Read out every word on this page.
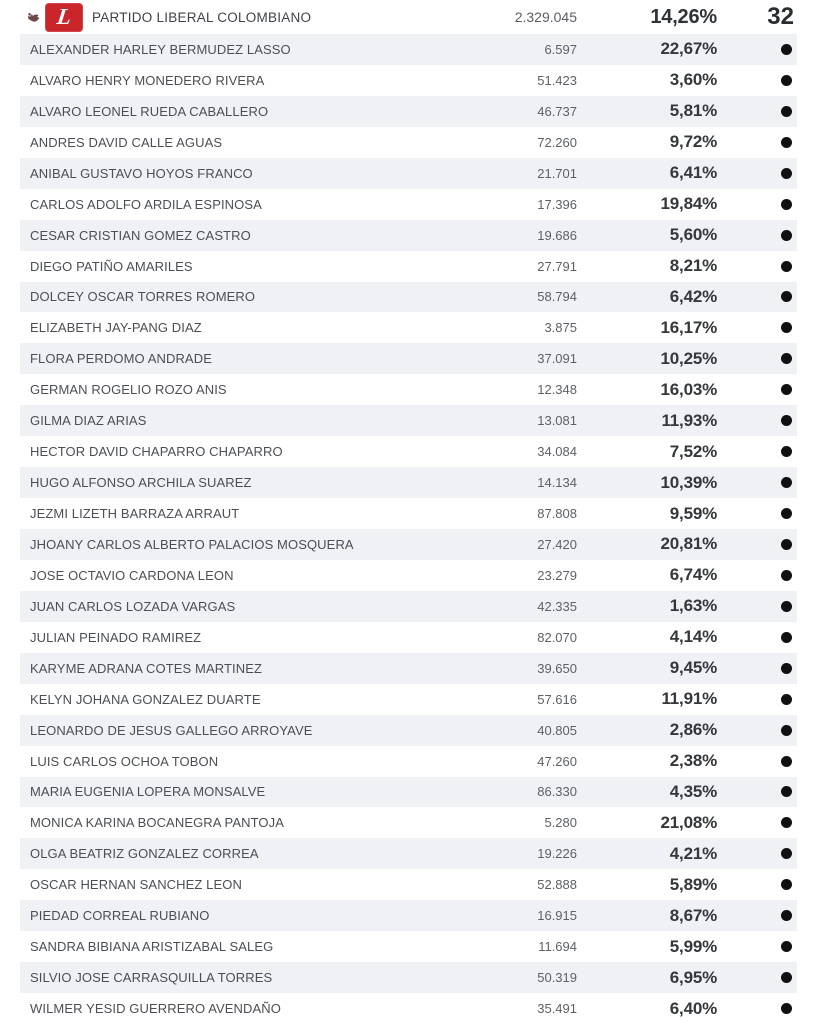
L PARTIDO LIBERAL COLOMBIANO	2.329.045	14,26%	32
ALEXANDER HARLEY BERMUDEZ LASSO	6.597	22,67%
ALVARO HENRY MONEDERO RIVERA	51.423	3,60%
ALVARO LEONEL RUEDA CABALLERO	46.737	5,81%
ANDRES DAVID CALLE AGUAS	72.260	9,72%
ANIBAL GUSTAVO HOYOS FRANCO	21.701	6,41%
CARLOS ADOLFO ARDILA ESPINOSA	17.396	19,84%
CESAR CRISTIAN GOMEZ CASTRO	19.686	5,60%
DIEGO PATIÑO AMARILES	27.791	8,21%
DOLCEY OSCAR TORRES ROMERO	58.794	6,42%
ELIZABETH JAY-PANG DIAZ	3.875	16,17%
FLORA PERDOMO ANDRADE	37.091	10,25%
GERMAN ROGELIO ROZO ANIS	12.348	16,03%
GILMA DIAZ ARIAS	13.081	11,93%
HECTOR DAVID CHAPARRO CHAPARRO	34.084	7,52%
HUGO ALFONSO ARCHILA SUAREZ	14.134	10,39%
JEZMI LIZETH BARRAZA ARRAUT	87.808	9,59%
JHOANY CARLOS ALBERTO PALACIOS MOSQUERA	27.420	20,81%
JOSE OCTAVIO CARDONA LEON	23.279	6,74%
JUAN CARLOS LOZADA VARGAS	42.335	1,63%
JULIAN PEINADO RAMIREZ	82.070	4,14%
KARYME ADRANA COTES MARTINEZ	39.650	9,45%
KELYN JOHANA GONZALEZ DUARTE	57.616	11,91%
LEONARDO DE JESUS GALLEGO ARROYAVE	40.805	2,86%
LUIS CARLOS OCHOA TOBON	47.260	2,38%
MARIA EUGENIA LOPERA MONSALVE	86.330	4,35%
MONICA KARINA BOCANEGRA PANTOJA	5.280	21,08%
OLGA BEATRIZ GONZALEZ CORREA	19.226	4,21%
OSCAR HERNAN SANCHEZ LEON	52.888	5,89%
PIEDAD CORREAL RUBIANO	16.915	8,67%
SANDRA BIBIANA ARISTIZABAL SALEG	11.694	5,99%
SILVIO JOSE CARRASQUILLA TORRES	50.319	6,95%
WILMER YESID GUERRERO AVENDAÑO	35.491	6,40%
